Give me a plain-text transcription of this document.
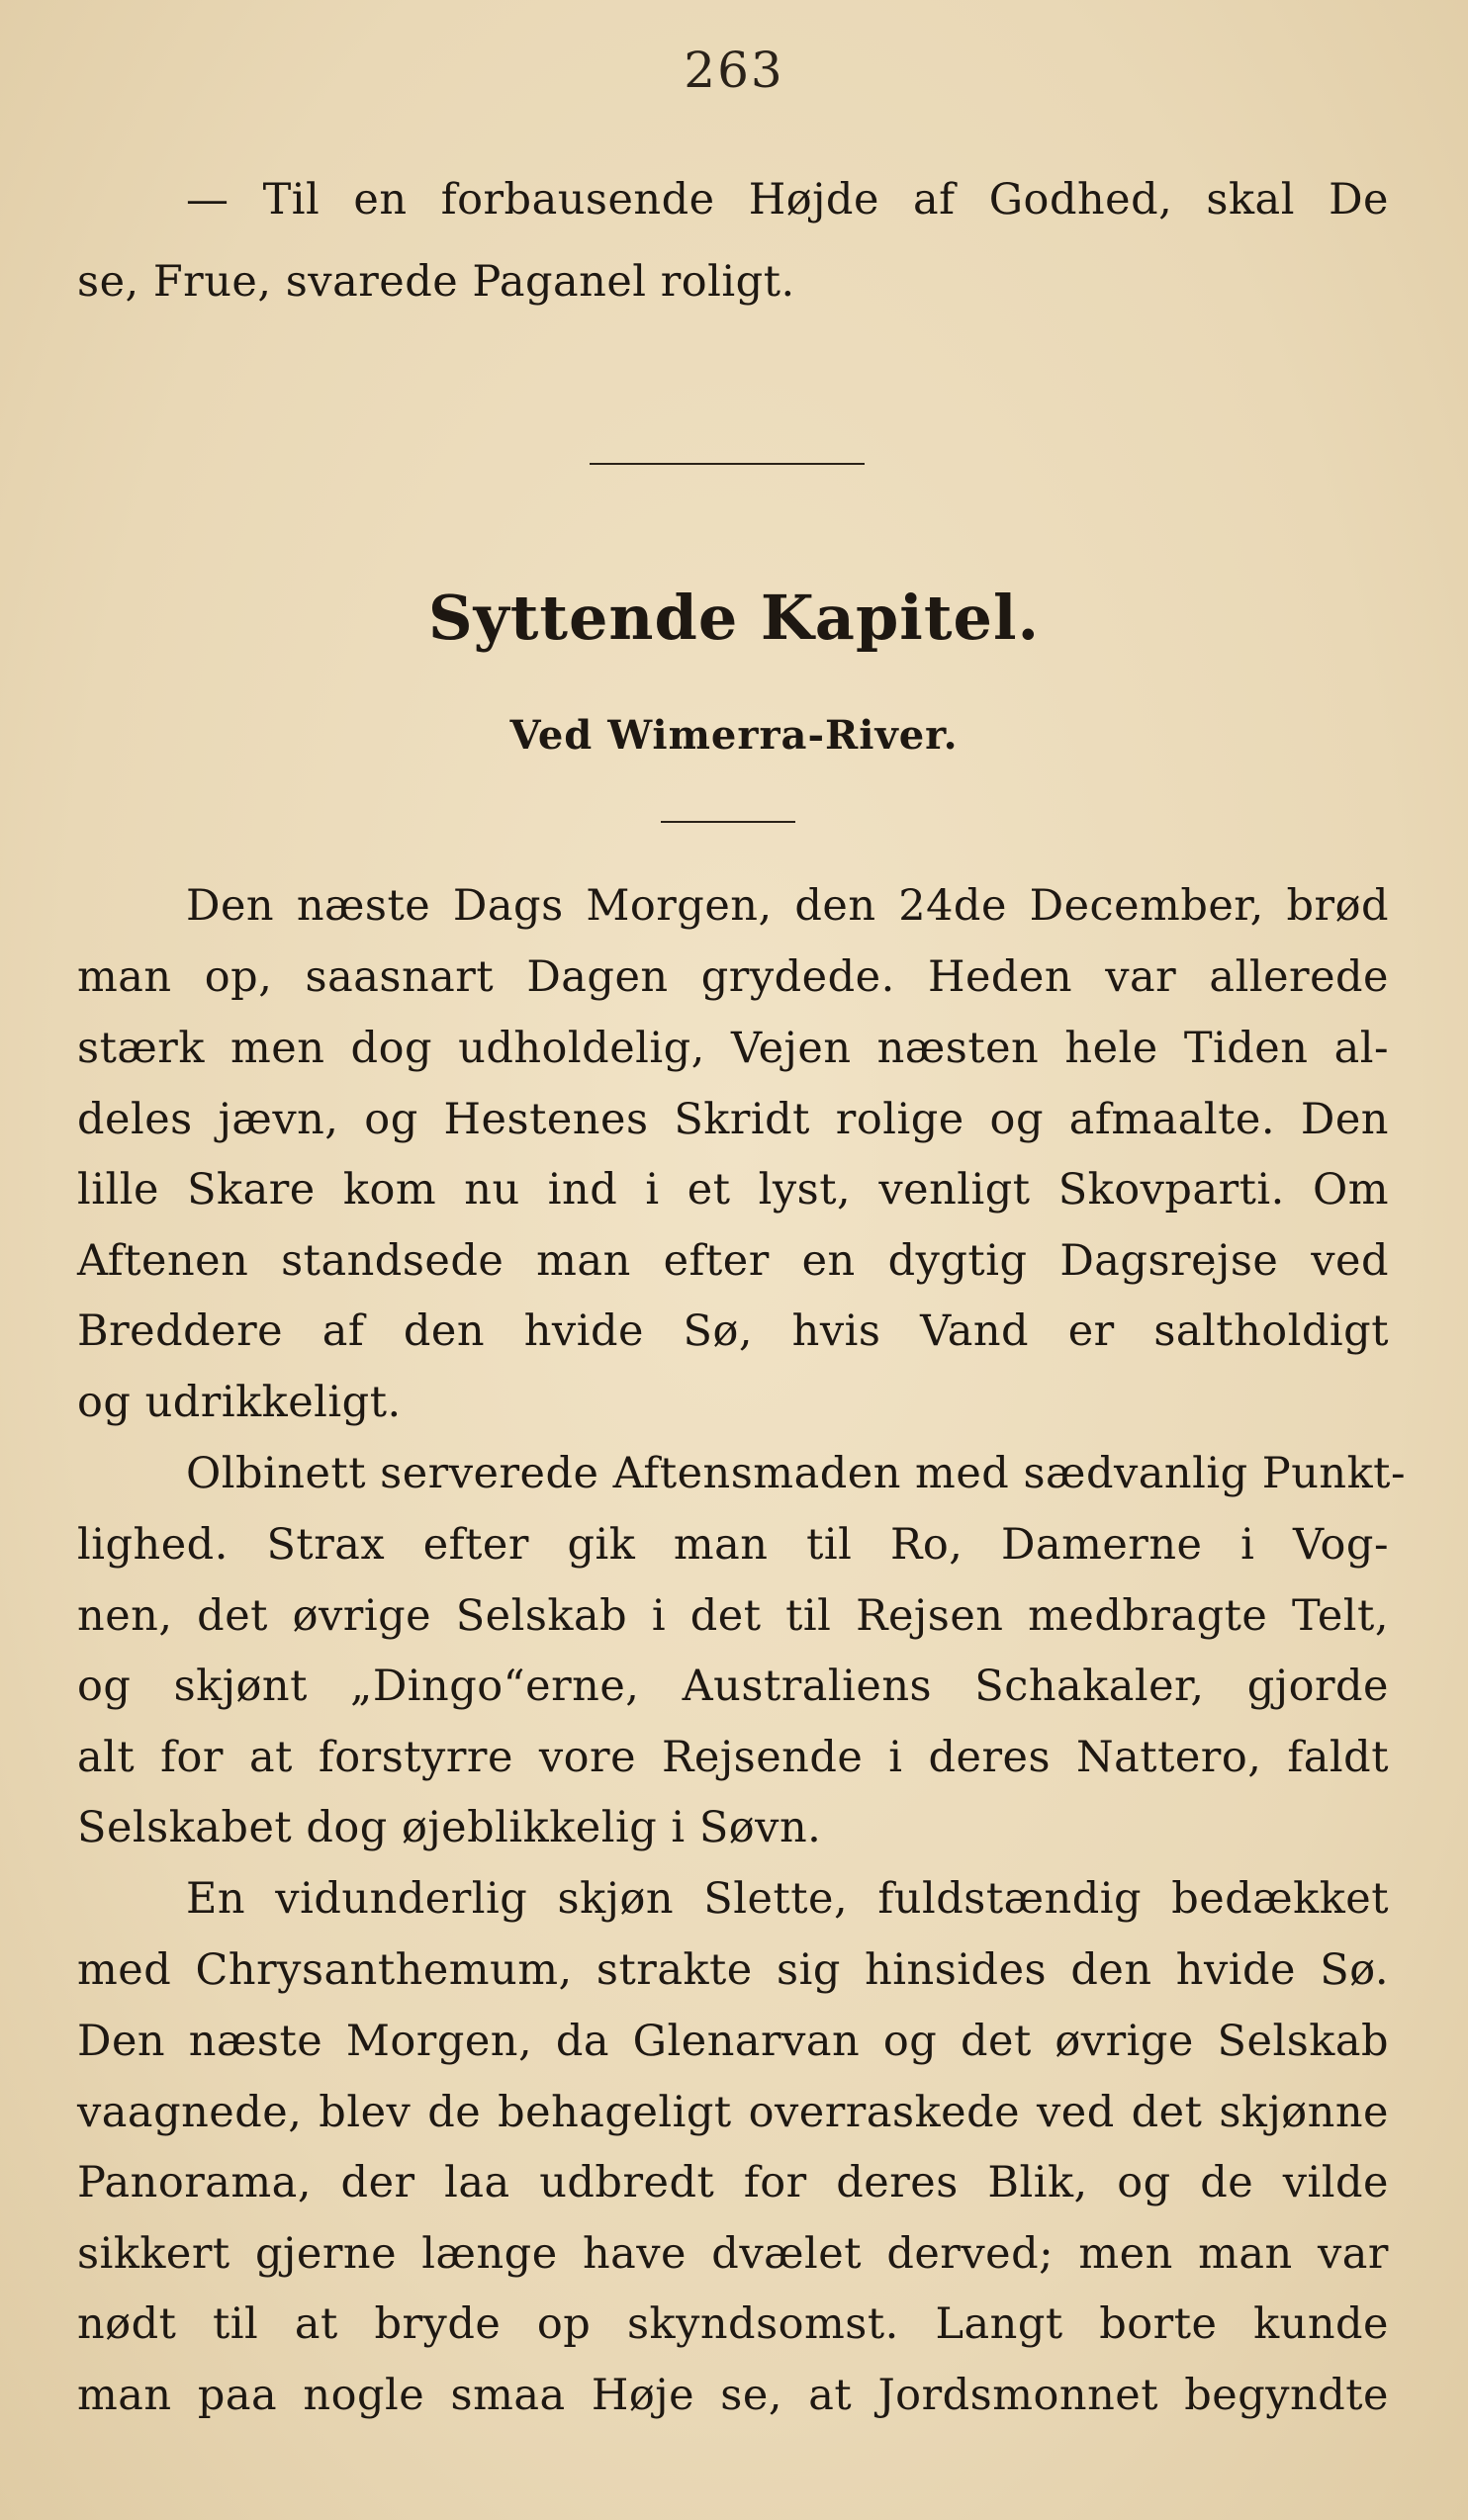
263
— Til en forbausende Højde af Godhed, skal De
se, Frue, svarede Paganel roligt.
Syttende Kapitel.
Ved Wimerra-River.
Den næste Dags Morgen, den 24de December, brød
man op, saasnart Dagen grydede. Heden var allerede
stærk men dog udholdelig, Vejen næsten hele Tiden al-
deles jævn, og Hestenes Skridt rolige og afmaalte. Den
lille Skare kom nu ind i et lyst, venligt Skovparti. Om
Aftenen standsede man efter en dygtig Dagsrejse ved
Breddere af den hvide Sø, hvis Vand er saltholdigt
og udrikkeligt.
Olbinett serverede Aftensmaden med sædvanlig Punkt-
lighed. Strax efter gik man til Ro, Damerne i Vog-
nen, det øvrige Selskab i det til Rejsen medbragte Telt,
og skjønt „Dingo“erne, Australiens Schakaler, gjorde
alt for at forstyrre vore Rejsende i deres Nattero, faldt
Selskabet dog øjeblikkelig i Søvn.
En vidunderlig skjøn Slette, fuldstændig bedækket
med Chrysanthemum, strakte sig hinsides den hvide Sø.
Den næste Morgen, da Glenarvan og det øvrige Selskab
vaagnede, blev de behageligt overraskede ved det skjønne
Panorama, der laa udbredt for deres Blik, og de vilde
sikkert gjerne længe have dvælet derved; men man var
nødt til at bryde op skyndsomst. Langt borte kunde
man paa nogle smaa Høje se, at Jordsmonnet begyndte
